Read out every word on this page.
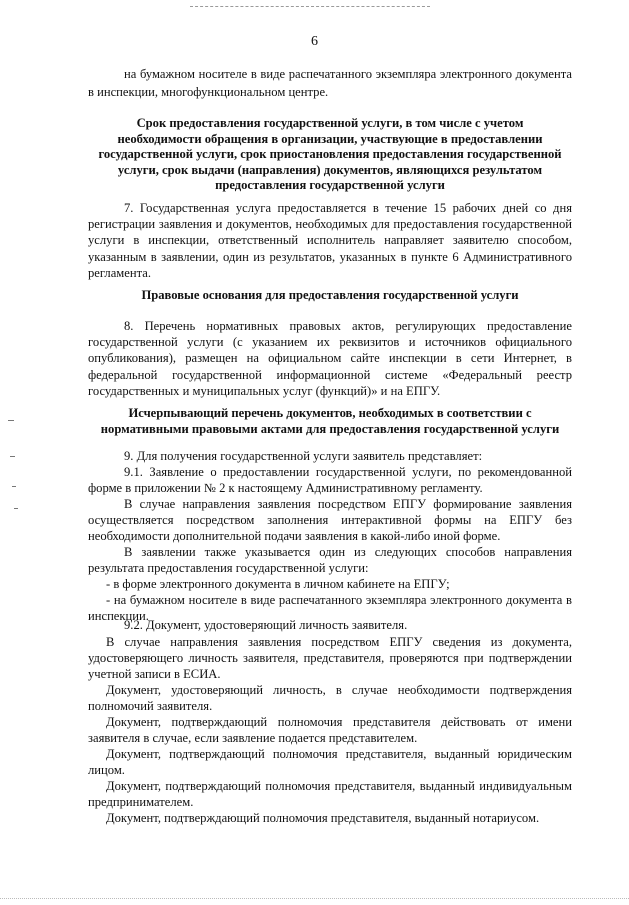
6
на бумажном носителе в виде распечатанного экземпляра электронного документа
в инспекции, многофункциональном центре.
Срок предоставления государственной услуги, в том числе с учетом
необходимости обращения в организации, участвующие в предоставлении
государственной услуги, срок приостановления предоставления государственной
услуги, срок выдачи (направления) документов, являющихся результатом
предоставления государственной услуги
7. Государственная услуга предоставляется в течение 15 рабочих дней со дня регистрации заявления и документов, необходимых для предоставления государственной услуги в инспекции, ответственный исполнитель направляет заявителю способом, указанным в заявлении, один из результатов, указанных в пункте 6 Административного регламента.
Правовые основания для предоставления государственной услуги
8. Перечень нормативных правовых актов, регулирующих предоставление государственной услуги (с указанием их реквизитов и источников официального опубликования), размещен на официальном сайте инспекции в сети Интернет, в федеральной государственной информационной системе «Федеральный реестр государственных и муниципальных услуг (функций)» и на ЕПГУ.
Исчерпывающий перечень документов, необходимых в соответствии с
нормативными правовыми актами для предоставления государственной услуги
9. Для получения государственной услуги заявитель представляет:
9.1. Заявление о предоставлении государственной услуги, по рекомендованной форме в приложении № 2 к настоящему Административному регламенту.
В случае направления заявления посредством ЕПГУ формирование заявления осуществляется посредством заполнения интерактивной формы на ЕПГУ без необходимости дополнительной подачи заявления в какой-либо иной форме.
В заявлении также указывается один из следующих способов направления результата предоставления государственной услуги:
- в форме электронного документа в личном кабинете на ЕПГУ;
- на бумажном носителе в виде распечатанного экземпляра электронного документа в инспекции.
9.2. Документ, удостоверяющий личность заявителя.
В случае направления заявления посредством ЕПГУ сведения из документа, удостоверяющего личность заявителя, представителя, проверяются при подтверждении учетной записи в ЕСИА.
Документ, удостоверяющий личность, в случае необходимости подтверждения полномочий заявителя.
Документ, подтверждающий полномочия представителя действовать от имени заявителя в случае, если заявление подается представителем.
Документ, подтверждающий полномочия представителя, выданный юридическим лицом.
Документ, подтверждающий полномочия представителя, выданный индивидуальным предпринимателем.
Документ, подтверждающий полномочия представителя, выданный нотариусом.
